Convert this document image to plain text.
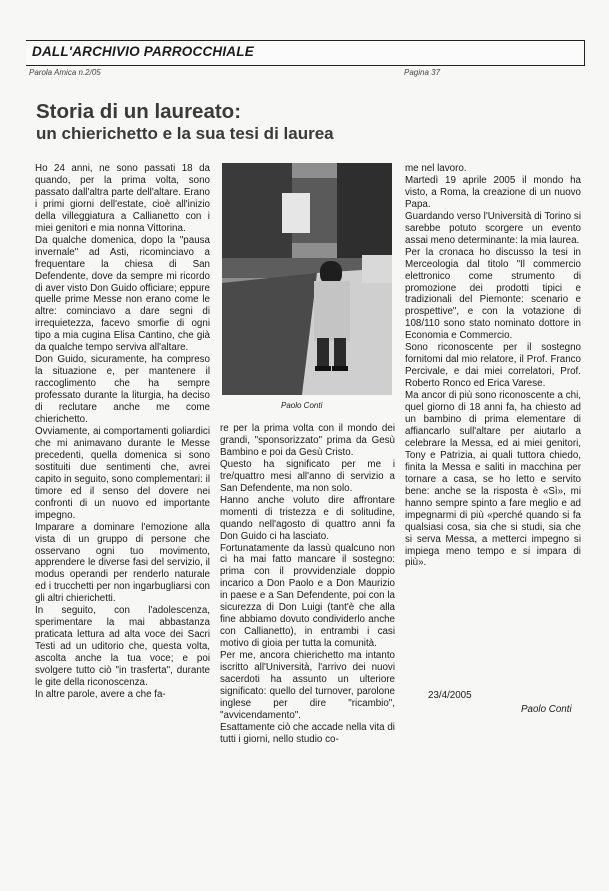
DALL'ARCHIVIO PARROCCHIALE
Parola Amica n.2/05	Pagina 37
Storia di un laureato:
un chierichetto e la sua tesi di laurea

Ho 24 anni, ne sono passati 18 da quando, per la prima volta, sono passato dall'altra parte dell'altare. Erano i primi giorni dell'estate, cioè all'inizio della villeggiatura a Callianetto con i miei genitori e mia nonna Vittorina.

Da qualche domenica, dopo la "pausa invernale" ad Asti, ricominciavo a frequentare la chiesa di San Defendente, dove da sempre mi ricordo di aver visto Don Guido officiare; eppure quelle prime Messe non erano come le altre: cominciavo a dare segni di irrequietezza, facevo smorfie di ogni tipo a mia cugina Elisa Cantino, che già da qualche tempo serviva all'altare.

Don Guido, sicuramente, ha compreso la situazione e, per mantenere il raccoglimento che ha sempre professato durante la liturgia, ha deciso di reclutare anche me come chierichetto.

Ovviamente, ai comportamenti goliardici che mi animavano durante le Messe precedenti, quella domenica si sono sostituiti due sentimenti che, avrei capito in seguito, sono complementari: il timore ed il senso del dovere nei confronti di un nuovo ed importante impegno.

Imparare a dominare l'emozione alla vista di un gruppo di persone che osservano ogni tuo movimento, apprendere le diverse fasi del servizio, il modus operandi per renderlo naturale ed i trucchetti per non ingarbugliarsi con gli altri chierichetti.

In seguito, con l'adolescenza, sperimentare la mai abbastanza praticata lettura ad alta voce dei Sacri Testi ad un uditorio che, questa volta, ascolta anche la tua voce; e poi svolgere tutto ciò "in trasferta", durante le gite della riconoscenza.

In altre parole, avere a che fa-

Paolo Conti

re per la prima volta con il mondo dei grandi, "sponsorizzato" prima da Gesù Bambino e poi da Gesù Cristo.

Questo ha significato per me i tre/quattro mesi all'anno di servizio a San Defendente, ma non solo.

Hanno anche voluto dire affrontare momenti di tristezza e di solitudine, quando nell'agosto di quattro anni fa Don Guido ci ha lasciato.

Fortunatamente da lassù qualcuno non ci ha mai fatto mancare il sostegno: prima con il provvidenziale doppio incarico a Don Paolo e a Don Maurizio in paese e a San Defendente, poi con la sicurezza di Don Luigi (tant'è che alla fine abbiamo dovuto condividerlo anche con Callianetto), in entrambi i casi motivo di gioia per tutta la comunità.

Per me, ancora chierichetto ma intanto iscritto all'Università, l'arrivo dei nuovi sacerdoti ha assunto un ulteriore significato: quello del turnover, parolone inglese per dire "ricambio", "avvicendamento".

Esattamente ciò che accade nella vita di tutti i giorni, nello studio co-

me nel lavoro.

Martedì 19 aprile 2005 il mondo ha visto, a Roma, la creazione di un nuovo Papa.

Guardando verso l'Università di Torino si sarebbe potuto scorgere un evento assai meno determinante: la mia laurea.

Per la cronaca ho discusso la tesi in Merceologia dal titolo "Il commercio elettronico come strumento di promozione dei prodotti tipici e tradizionali del Piemonte: scenario e prospettive", e con la votazione di 108/110 sono stato nominato dottore in Economia e Commercio.

Sono riconoscente per il sostegno fornitomi dal mio relatore, il Prof. Franco Percivale, e dai miei correlatori, Prof. Roberto Ronco ed Erica Varese.

Ma ancor di più sono riconoscente a chi, quel giorno di 18 anni fa, ha chiesto ad un bambino di prima elementare di affiancarlo sull'altare per aiutarlo a celebrare la Messa, ed ai miei genitori, Tony e Patrizia, ai quali tuttora chiedo, finita la Messa e saliti in macchina per tornare a casa, se ho letto e servito bene: anche se la risposta è «Sì», mi hanno sempre spinto a fare meglio e ad impegnarmi di più «perché quando si fa qualsiasi cosa, sia che si studi, sia che si serva Messa, a metterci impegno si impiega meno tempo e si impara di più».

23/4/2005
Paolo Conti
